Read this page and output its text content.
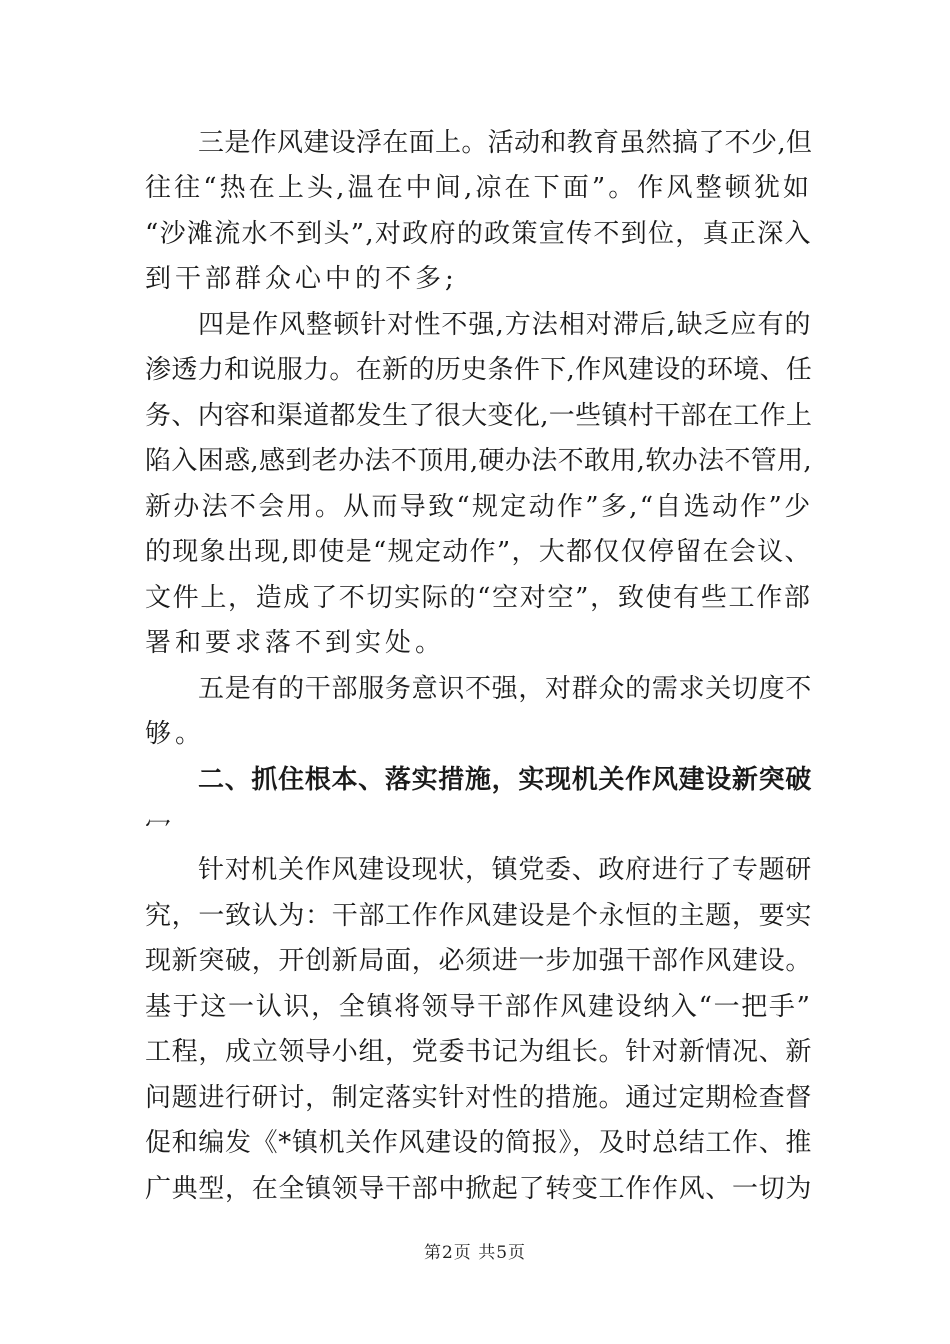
三是作风建设浮在面上。活动和教育虽然搞了不少,但
往往“热在上头,温在中间,凉在下面”。作风整顿犹如
“沙滩流水不到头”,对政府的政策宣传不到位，真正深入
到干部群众心中的不多;
四是作风整顿针对性不强,方法相对滞后,缺乏应有的
渗透力和说服力。在新的历史条件下,作风建设的环境、任
务、内容和渠道都发生了很大变化,一些镇村干部在工作上
陷入困惑,感到老办法不顶用,硬办法不敢用,软办法不管用,
新办法不会用。从而导致“规定动作”多,“自选动作”少
的现象出现,即使是“规定动作”，大都仅仅停留在会议、
文件上，造成了不切实际的“空对空”，致使有些工作部
署和要求落不到实处。
五是有的干部服务意识不强，对群众的需求关切度不
够。
二、抓住根本、落实措施，实现机关作风建设新突破
冖
针对机关作风建设现状，镇党委、政府进行了专题研
究，一致认为：干部工作作风建设是个永恒的主题，要实
现新突破，开创新局面，必须进一步加强干部作风建设。
基于这一认识，全镇将领导干部作风建设纳入“一把手”
工程，成立领导小组，党委书记为组长。针对新情况、新
问题进行研讨，制定落实针对性的措施。通过定期检查督
促和编发《*镇机关作风建设的简报》，及时总结工作、推
广典型，在全镇领导干部中掀起了转变工作作风、一切为
第2页 共5页
